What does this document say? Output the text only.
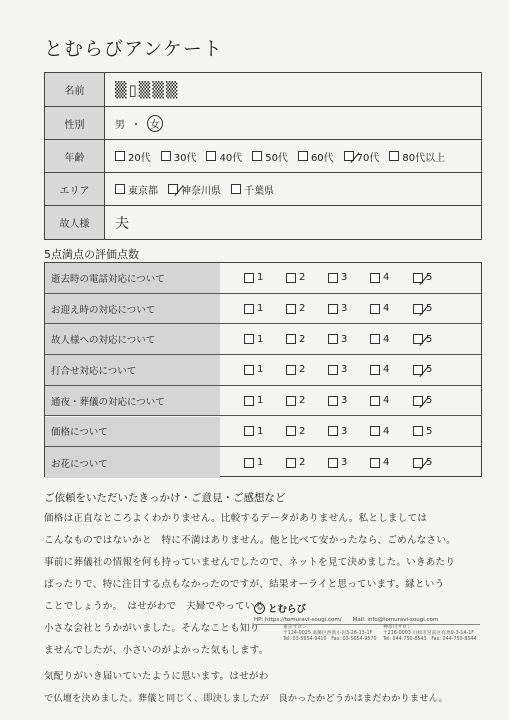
とむらびアンケート
名前	▒▯▒▒▒
性別	男 ・ 女
年齢	20代 30代 40代 50代 60代 70代 80代以上
エリア	東京都 神奈川県 千葉県
故人様	夫
5点満点の評価点数
逝去時の電話対応について	1	2	3	4	5
お迎え時の対応について	1	2	3	4	5
故人様への対応について	1	2	3	4	5
打合せ対応について	1	2	3	4	5
通夜・葬儀の対応について	1	2	3	4	5
価格について	1	2	3	4	5
お花について	1	2	3	4	5
ご依頼をいただいたきっかけ・ご意見・ご感想など
価格は正直なところよくわかりません。比較するデータがありません。私としましては
こんなものではないかと　特に不満はありません。他と比べて安かったなら、ごめんなさい。
事前に葬儀社の情報を何も持っていませんでしたので、ネットを見て決めました。いきあたり
ばったりで、特に注目する点もなかったのですが、結果オーライと思っています。縁という
ことでしょうか。　はせがわで　夫婦でやっている
小さな会社とうかがいました。そんなことも知り
ませんでしたが、小さいのがよかった気もします。
気配りがいき届いていたように思います。はせがわ
で仏壇を決めました。葬儀と同じく、即決しましたが　良かったかどうかはまだわかりません。
とむらび
HP: https://tomuravi-sougi.com/　　 Mail: info@tomuravi-sougi.com
東京サロン
〒124-0025 葛飾区西新小岩3-26-13-1F
Tel: 03-5654-9410　Fax: 03-5654-9570
神奈川サロン
〒216-0003 川崎市宮前区有馬9-3-14-1F
Tel: 044-750-8543　Fax: 044-750-8544
